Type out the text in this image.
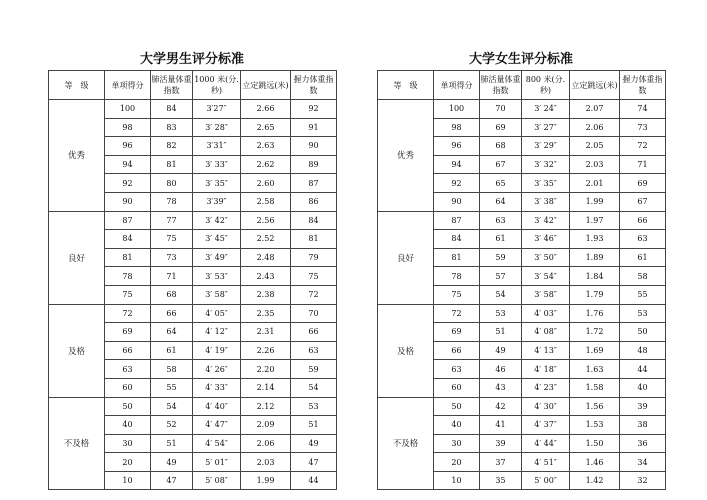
大学男生评分标准
等　级	单项得分	肺活量体重指数	1000 米(分.秒)	立定跳远(米)	握力体重指数
优秀	100	84	3′27″	2.66	92
	98	83	3′ 28″	2.65	91
	96	82	3′31″	2.63	90
	94	81	3′ 33″	2.62	89
	92	80	3′ 35″	2.60	87
	90	78	3′39″	2.58	86
良好	87	77	3′ 42″	2.56	84
	84	75	3′ 45″	2.52	81
	81	73	3′ 49″	2.48	79
	78	71	3′ 53″	2.43	75
	75	68	3′ 58″	2.38	72
及格	72	66	4′ 05″	2.35	70
	69	64	4′ 12″	2.31	66
	66	61	4′ 19″	2.26	63
	63	58	4′ 26″	2.20	59
	60	55	4′ 33″	2.14	54
不及格	50	54	4′ 40″	2.12	53
	40	52	4′ 47″	2.09	51
	30	51	4′ 54″	2.06	49
	20	49	5′ 01″	2.03	47
	10	47	5′ 08″	1.99	44
大学女生评分标准
等　级	单项得分	肺活量体重指数	800 米(分.秒)	立定跳远(米)	握力体重指数
优秀	100	70	3′ 24″	2.07	74
	98	69	3′ 27″	2.06	73
	96	68	3′ 29″	2.05	72
	94	67	3′ 32″	2.03	71
	92	65	3′ 35″	2.01	69
	90	64	3′ 38″	1.99	67
良好	87	63	3′ 42″	1.97	66
	84	61	3′ 46″	1.93	63
	81	59	3′ 50″	1.89	61
	78	57	3′ 54″	1.84	58
	75	54	3′ 58″	1.79	55
及格	72	53	4′ 03″	1.76	53
	69	51	4′ 08″	1.72	50
	66	49	4′ 13″	1.69	48
	63	46	4′ 18″	1.63	44
	60	43	4′ 23″	1.58	40
不及格	50	42	4′ 30″	1.56	39
	40	41	4′ 37″	1.53	38
	30	39	4′ 44″	1.50	36
	20	37	4′ 51″	1.46	34
	10	35	5′ 00″	1.42	32
